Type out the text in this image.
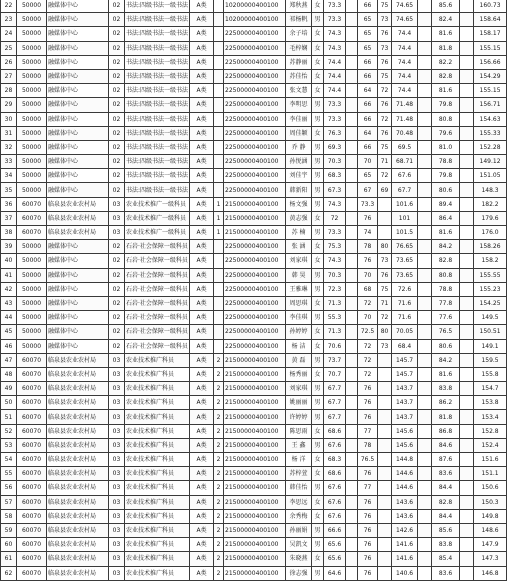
22	50000	融媒体中心	02	书法:四级书法一级书法	A类		10200000400100	郑秋燕	女	73.3		66	75	74.65		85.6		160.73
23	50000	融媒体中心	02	书法:四级书法一级书法	A类		10200000400100	祁杨帆	男	73.3		65	73	74.65		82.4		158.64
24	50000	融媒体中心	02	书法:四级书法一级书法	A类		22500000400100	余子培	女	74.3		65	76	74.4		81.6		158.17
25	50000	融媒体中心	02	书法:四级书法一级书法	A类		22500000400100	毛梓娴	女	74.3		65	73	74.4		81.8		155.15
26	50000	融媒体中心	02	书法:四级书法一级书法	A类		22500000400100	苏静丽	女	74.4		66	76	74.4		82.2		156.66
27	50000	融媒体中心	02	书法:四级书法一级书法	A类		22500000400100	苏佳怡	女	74.4		66	75	74.4		82.8		154.29
28	50000	融媒体中心	02	书法:四级书法一级书法	A类		22500000400100	张文慧	女	74.4		64	72	74.4		81.6		155.15
29	50000	融媒体中心	02	书法:四级书法一级书法	A类		22500000400100	李明思	男	73.3		66	76	71.48		79.8		156.71
30	50000	融媒体中心	02	书法:四级书法一级书法	A类		22500000400100	李佳丽	男	73.3		66	72	71.48		80.8		154.63
31	50000	融媒体中心	02	书法:四级书法一级书法	A类		22500000400100	周佳颖	女	76.3		64	76	70.48		79.6		155.33
32	50000	融媒体中心	02	书法:四级书法一级书法	A类		22500000400100	乔 静	男	69.3		66	75	69.5		81.0		152.28
33	50000	融媒体中心	02	书法:四级书法一级书法	A类		22500000400100	孙悦涵	男	70.3		70	71	68.71		78.8		149.12
34	50000	融媒体中心	02	书法:四级书法一级书法	A类		22500000400100	刘佳宇	男	68.3		65	72	67.6		79.8		151.05
35	50000	融媒体中心	02	书法:四级书法一级书法	A类		22500000400100	韩新阳	男	67.3		67	69	67.7		80.6		148.3
36	60070	临泉县农业农村局	03	农业技术推广一级科员	A类	1	21500000400100	杨文强	男	74.3		73.3		101.6		89.4		182.2
37	60070	临泉县农业农村局	03	农业技术推广一级科员	A类	1	21500000400100	黄志强	女	72		76		101		86.4		179.6
38	60070	临泉县农业农村局	03	农业技术推广一级科员	A类	1	21500000400100	苏 楠	男	73.3		74		101.5		81.6		176.0
39	50000	融媒体中心	02	石岩·社会保障一级科员	A类		22500000400100	张 涵	女	75.3		78	80	76.65		84.2		158.26
40	50000	融媒体中心	02	石岩·社会保障一级科员	A类		22500000400100	刘家琪	女	74.3		76	73	73.65		82.8		158.2
41	50000	融媒体中心	02	石岩·社会保障一级科员	A类		22500000400100	韩 昊	男	70.3		70	76	73.65		80.8		155.55
42	50000	融媒体中心	02	石岩·社会保障一级科员	A类		22500000400100	王雅琳	男	72.3		68	75	72.6		78.8		155.23
43	50000	融媒体中心	02	石岩·社会保障一级科员	A类		22500000400100	周思琪	女	71.3		72	71	71.6		77.8		154.25
44	50000	融媒体中心	02	石岩·社会保障一级科员	A类		22500000400100	李佳琪	男	55.3		70	72	71.6		77.6		149.5
45	50000	融媒体中心	02	石岩·社会保障一级科员	A类		22500000400100	孙婷婷	女	71.3		72.5	80	70.05		76.5		150.51
46	50000	融媒体中心	02	石岩·社会保障一级科员	A类		22500000400100	杨 洁	女	70.6		72	73	68.4		80.6		149.1
47	60070	临泉县农业农村局	03	农业技术推广科员	A类	2	21500000400100	黄 磊	男	73.7		72		145.7		84.2		159.5
48	60070	临泉县农业农村局	03	农业技术推广科员	A类	2	21500000400100	杨秀丽	女	70.7		72		145.7		81.6		155.8
49	60070	临泉县农业农村局	03	农业技术推广科员	A类	2	21500000400100	刘家琪	男	67.7		76		143.7		83.8		154.7
50	60070	临泉县农业农村局	03	农业技术推广科员	A类	2	21500000400100	姚丽丽	男	67.7		76		143.7		86.2		153.8
51	60070	临泉县农业农村局	03	农业技术推广科员	A类	2	21500000400100	许婷婷	男	67.7		76		143.7		81.8		153.4
52	60070	临泉县农业农村局	03	农业技术推广科员	A类	2	21500000400100	陈思雨	女	68.6		77		145.6		86.8		152.8
53	60070	临泉县农业农村局	03	农业技术推广科员	A类	2	21500000400100	王 鑫	男	67.6		78		145.6		84.6		152.4
54	60070	临泉县农业农村局	03	农业技术推广科员	A类	2	21500000400100	杨 洋	女	68.3		76.5		144.8		87.6		151.6
55	60070	临泉县农业农村局	03	农业技术推广科员	A类	2	21500000400100	苏梓萱	女	68.6		76		144.6		83.6		151.1
56	60070	临泉县农业农村局	03	农业技术推广科员	A类	2	21500000400100	韩佳怡	男	67.6		77		144.6		84.4		150.6
57	60070	临泉县农业农村局	03	农业技术推广科员	A类	2	21500000400100	李思远	女	67.6		76		143.6		82.8		150.3
58	60070	临泉县农业农村局	03	农业技术推广科员	A类	2	21500000400100	余秀梅	女	67.6		76		143.6		84.4		149.8
59	60070	临泉县农业农村局	03	农业技术推广科员	A类	2	21500000400100	孙丽娟	男	66.6		76		142.6		85.6		148.6
60	60070	临泉县农业农村局	03	农业技术推广科员	A类	2	21500000400100	吴凯文	男	65.6		76		141.6		83.8		147.9
61	60070	临泉县农业农村局	03	农业技术推广科员	A类	2	21500000400100	朱晓燕	女	65.6		76		141.6		85.4		147.3
62	60070	临泉县农业农村局	03	农业技术推广科员	A类	2	21500000400100	徐志强	男	64.6		76		140.6		83.6		146.8
